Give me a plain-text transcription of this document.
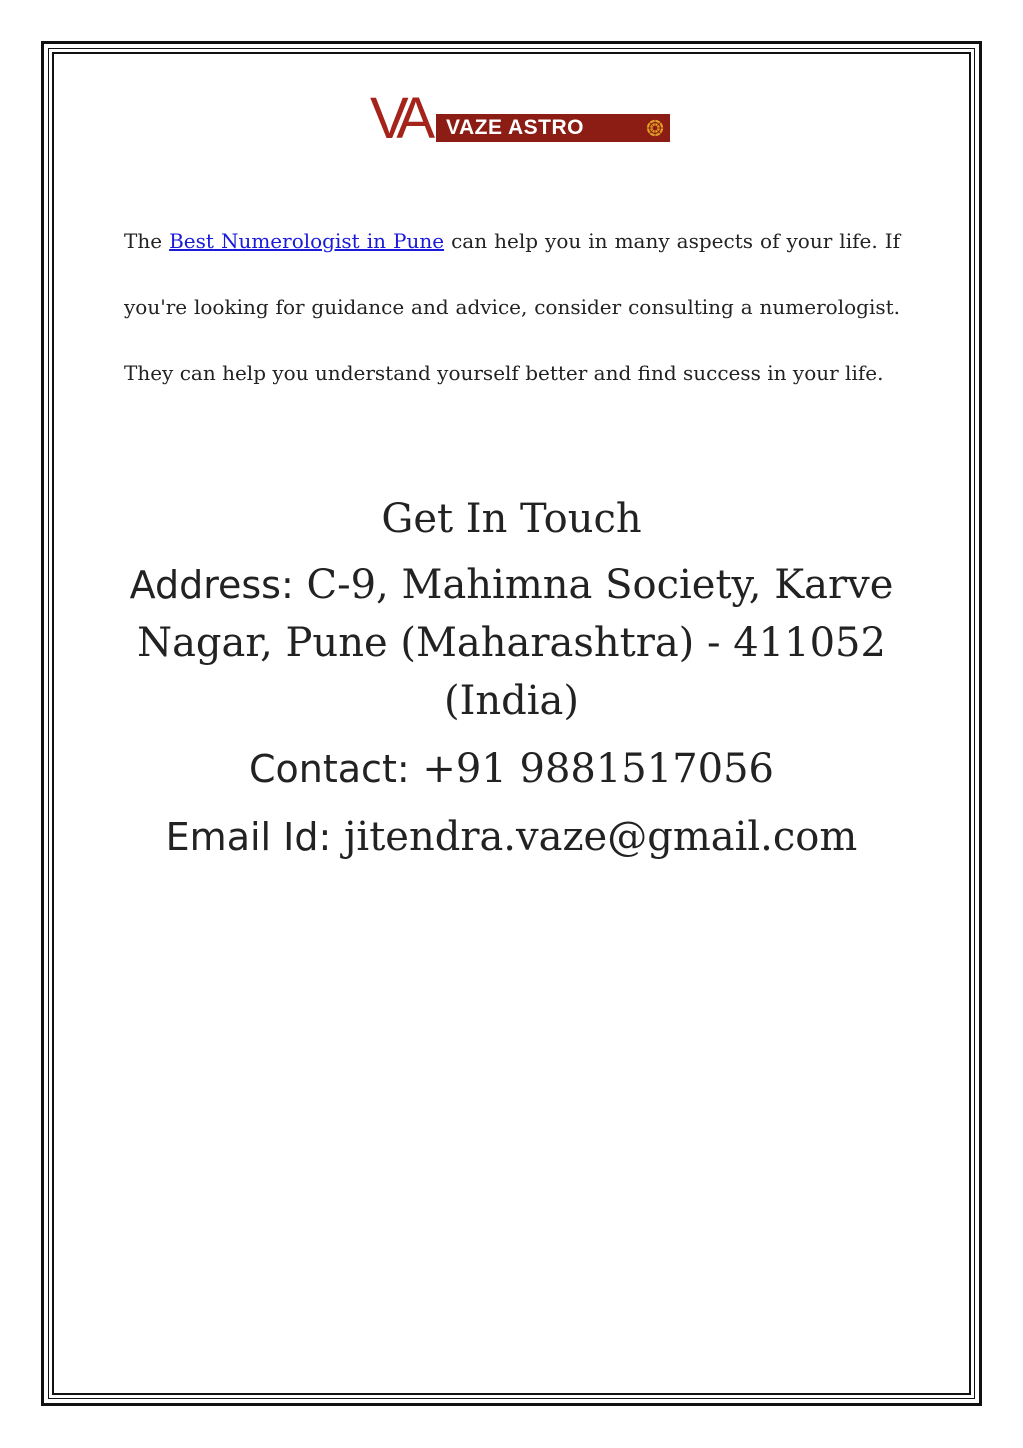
VA VAZE ASTRO
The Best Numerologist in Pune can help you in many aspects of your life. If you're looking for guidance and advice, consider consulting a numerologist. They can help you understand yourself better and find success in your life.
Get In Touch
Address: C-9, Mahimna Society, Karve Nagar, Pune (Maharashtra) - 411052 (India)
Contact: +91 9881517056
Email Id: jitendra.vaze@gmail.com
